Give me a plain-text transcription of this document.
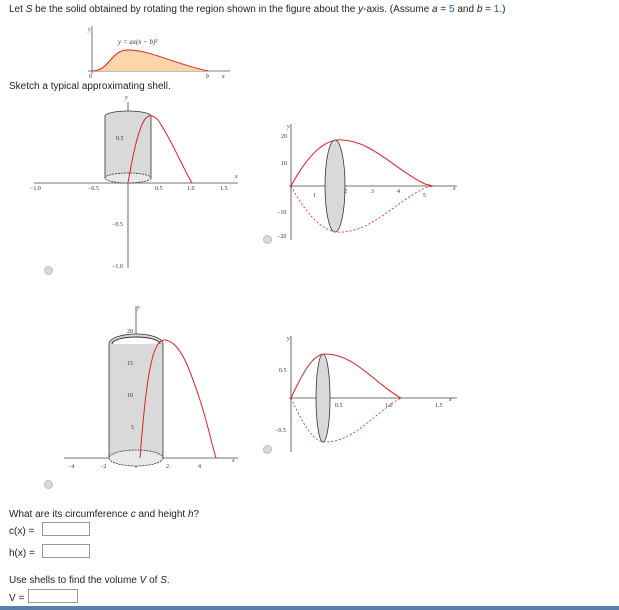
Let S be the solid obtained by rotating the region shown in the figure about the y-axis. (Assume a = 5 and b = 1.)
y
y = ax(x − b)²
0	b x
Sketch a typical approximating shell.
x
y
−1.0	−0.5	0.5	1.0	1.5
0.5
−0.5
−1.0
x
y
1
2	3	4
5
20
10
−10
−20
x
y
−4	−2	2	4
20
15
10
5
x
y
0.5	1.0	1.5
0.5
−0.5
What are its circumference c and height h?
c(x) =
h(x) =
Use shells to find the volume V of S.
V =
